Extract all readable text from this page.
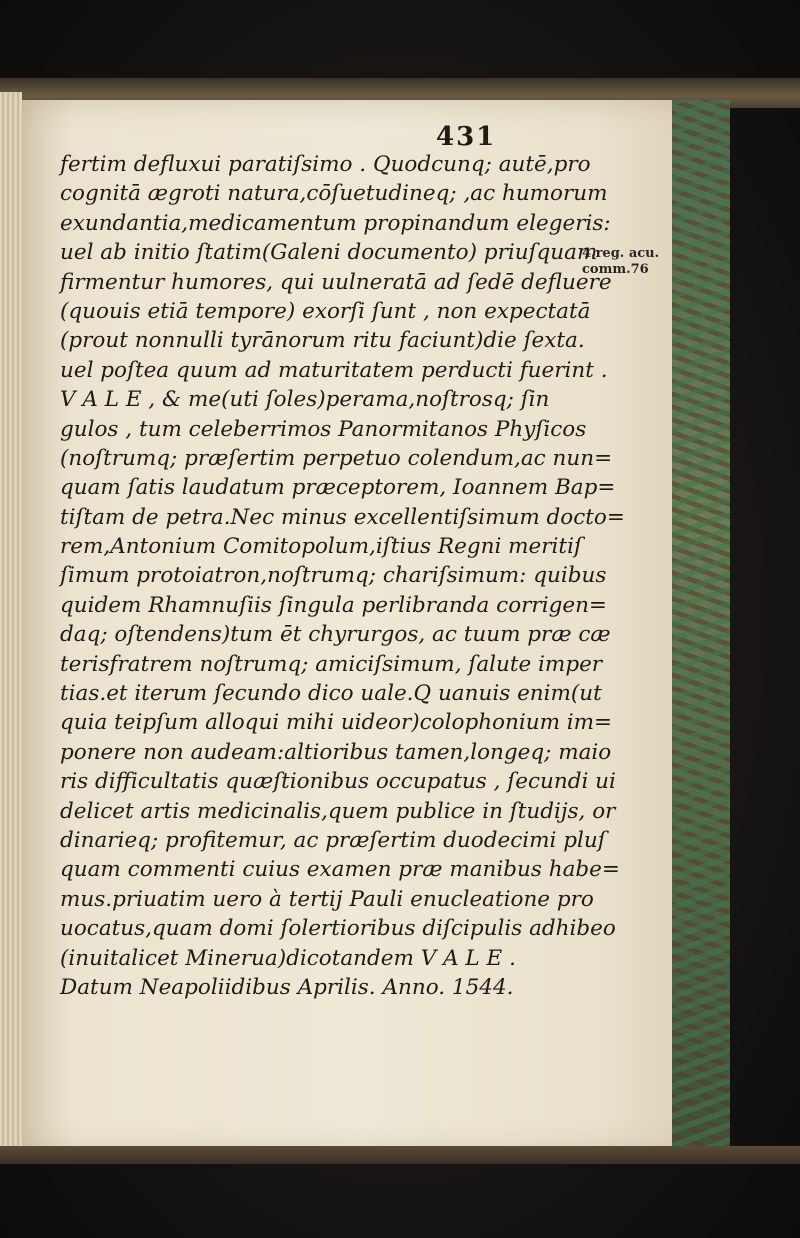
431
4.reg. acu.
comm.76
fertim defluxui paratiſsimo . Quodcunq; autē,pro
cognitā ægroti natura,cōſuetudineq; ,ac humorum
exundantia,medicamentum propinandum elegeris:
uel ab initio ſtatim(Galeni documento) priuſquam
firmentur humores, qui uulneratā ad ſedē defluere
(quouis etiā tempore) exorſi ſunt , non expectatā
(prout nonnulli tyrānorum ritu faciunt)die ſexta.
uel poſtea quum ad maturitatem perducti fuerint .
V A L E , & me(uti ſoles)perama,noſtrosq; ſin
gulos , tum celeberrimos Panormitanos Phyſicos
(noſtrumq; præſertim perpetuo colendum,ac nun=
quam ſatis laudatum præceptorem, Ioannem Bap=
tiſtam de petra.Nec minus excellentiſsimum docto=
rem,Antonium Comitopolum,iſtius Regni meritiſ
ſimum protoiatron,noſtrumq; chariſsimum: quibus
quidem Rhamnuſiis ſingula perlibranda corrigen=
daq; oſtendens)tum ēt chyrurgos, ac tuum præ cæ
terisfratrem noſtrumq; amiciſsimum, ſalute imper
tias.et iterum ſecundo dico uale.Q uanuis enim(ut
quia teipſum alloqui mihi uideor)colophonium im=
ponere non audeam:altioribus tamen,longeq; maio
ris difficultatis quæſtionibus occupatus , ſecundi ui
delicet artis medicinalis,quem publice in ſtudijs, or
dinarieq; profitemur, ac præſertim duodecimi pluſ
quam commenti cuius examen præ manibus habe=
mus.priuatim uero à tertij Pauli enucleatione pro
uocatus,quam domi ſolertioribus diſcipulis adhibeo
(inuitalicet Minerua)dicotandem V A L E .
Datum Neapoliidibus Aprilis. Anno. 1544.
